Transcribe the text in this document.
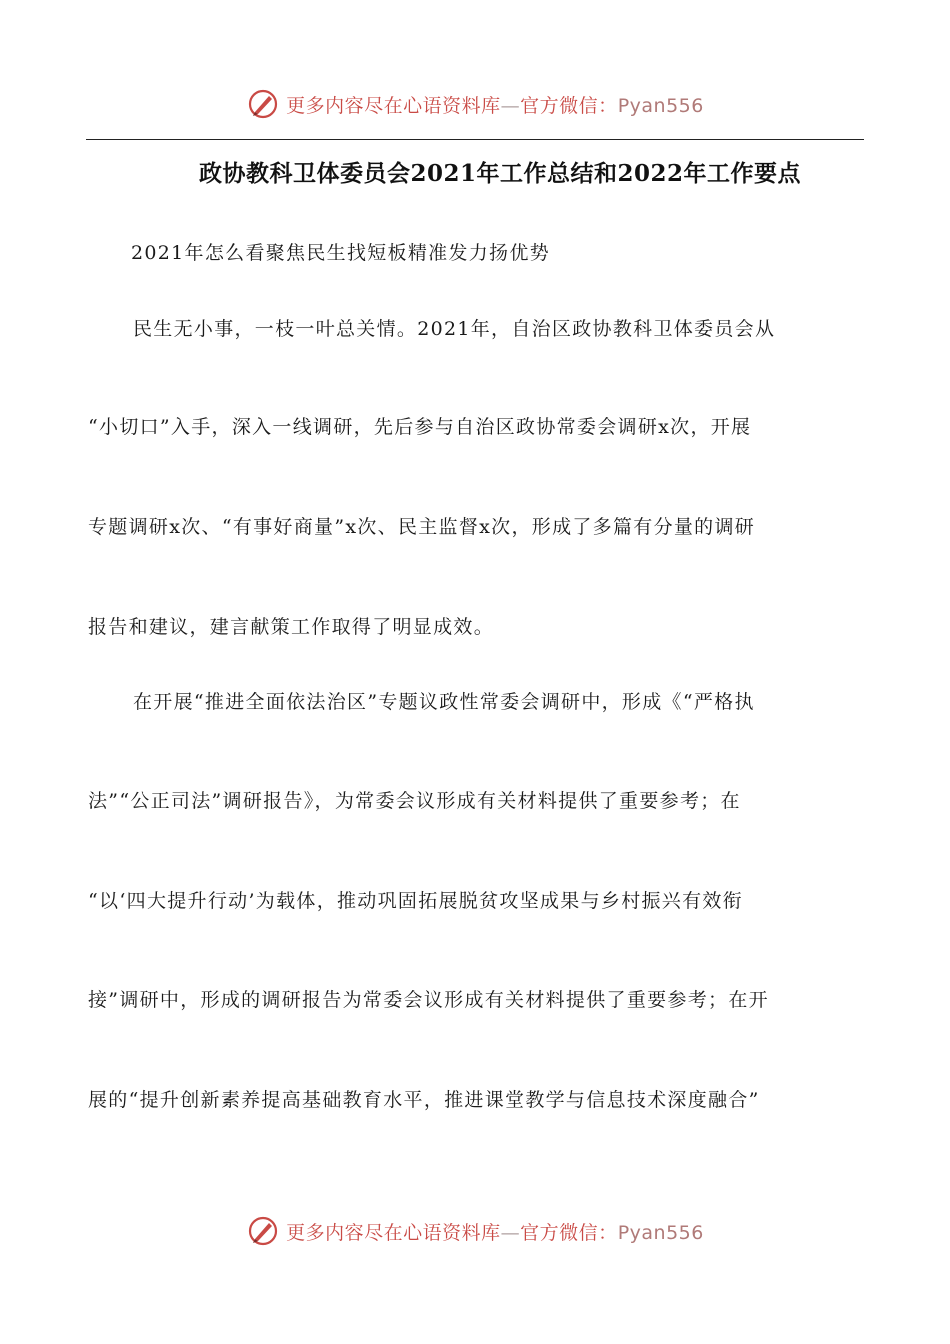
更多内容尽在心语资料库—官方微信：Pyan556
政协教科卫体委员会2021年工作总结和2022年工作要点
2021年怎么看聚焦民生找短板精准发力扬优势
民生无小事，一枝一叶总关情。2021年，自治区政协教科卫体委员会从
“小切口”入手，深入一线调研，先后参与自治区政协常委会调研x次，开展
专题调研x次、“有事好商量”x次、民主监督x次，形成了多篇有分量的调研
报告和建议，建言献策工作取得了明显成效。
在开展“推进全面依法治区”专题议政性常委会调研中，形成《“严格执
法”“公正司法”调研报告》，为常委会议形成有关材料提供了重要参考；在
“以‘四大提升行动’为载体，推动巩固拓展脱贫攻坚成果与乡村振兴有效衔
接”调研中，形成的调研报告为常委会议形成有关材料提供了重要参考；在开
展的“提升创新素养提高基础教育水平，推进课堂教学与信息技术深度融合”
更多内容尽在心语资料库—官方微信：Pyan556
